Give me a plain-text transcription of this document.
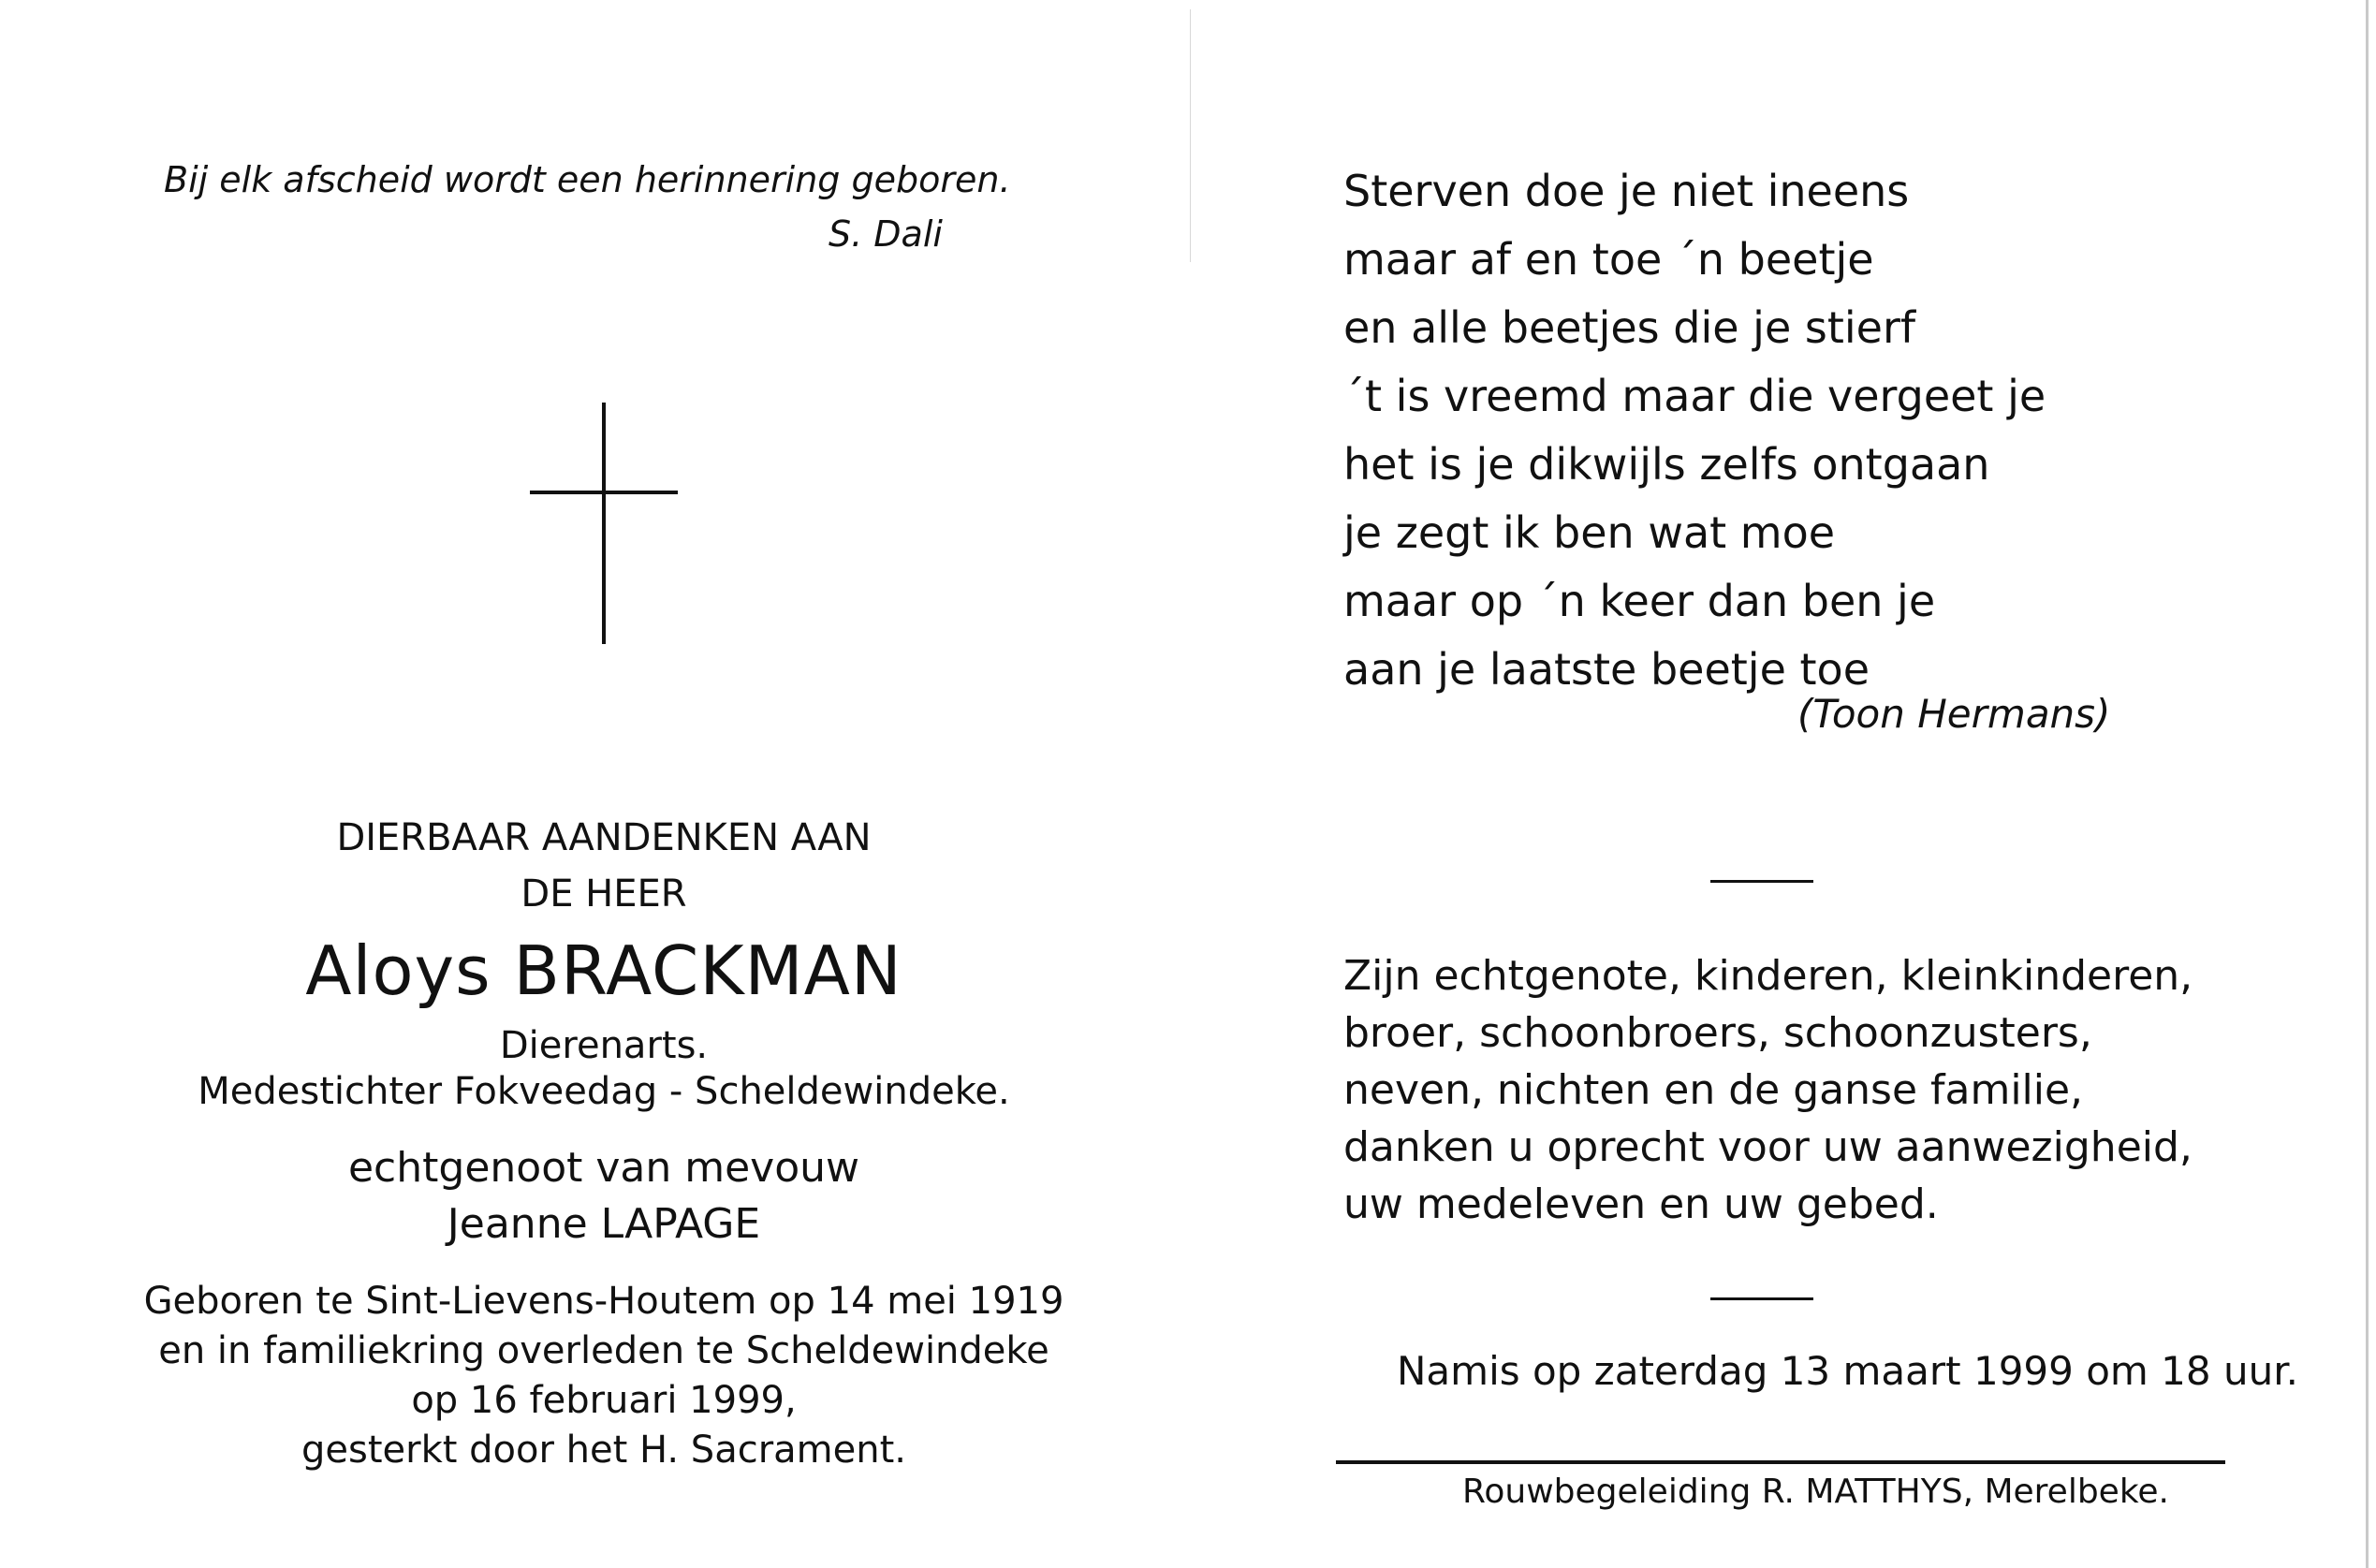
Bij elk afscheid wordt een herinnering geboren.
S. Dali
DIERBAAR AANDENKEN AAN
DE HEER
Aloys BRACKMAN
Dierenarts.
Medestichter Fokveedag - Scheldewindeke.
echtgenoot van mevouw
Jeanne LAPAGE
Geboren te Sint-Lievens-Houtem op 14 mei 1919
en in familiekring overleden te Scheldewindeke
op 16 februari 1999,
gesterkt door het H. Sacrament.
Sterven doe je niet ineens
maar af en toe ´n beetje
en alle beetjes die je stierf
´t is vreemd maar die vergeet je
het is je dikwijls zelfs ontgaan
je zegt ik ben wat moe
maar op ´n keer dan ben je
aan je laatste beetje toe
(Toon Hermans)
Zijn echtgenote, kinderen, kleinkinderen,
broer, schoonbroers, schoonzusters,
neven, nichten en de ganse familie,
danken u oprecht voor uw aanwezigheid,
uw medeleven en uw gebed.
Namis op zaterdag 13 maart 1999 om 18 uur.
Rouwbegeleiding R. MATTHYS, Merelbeke.
